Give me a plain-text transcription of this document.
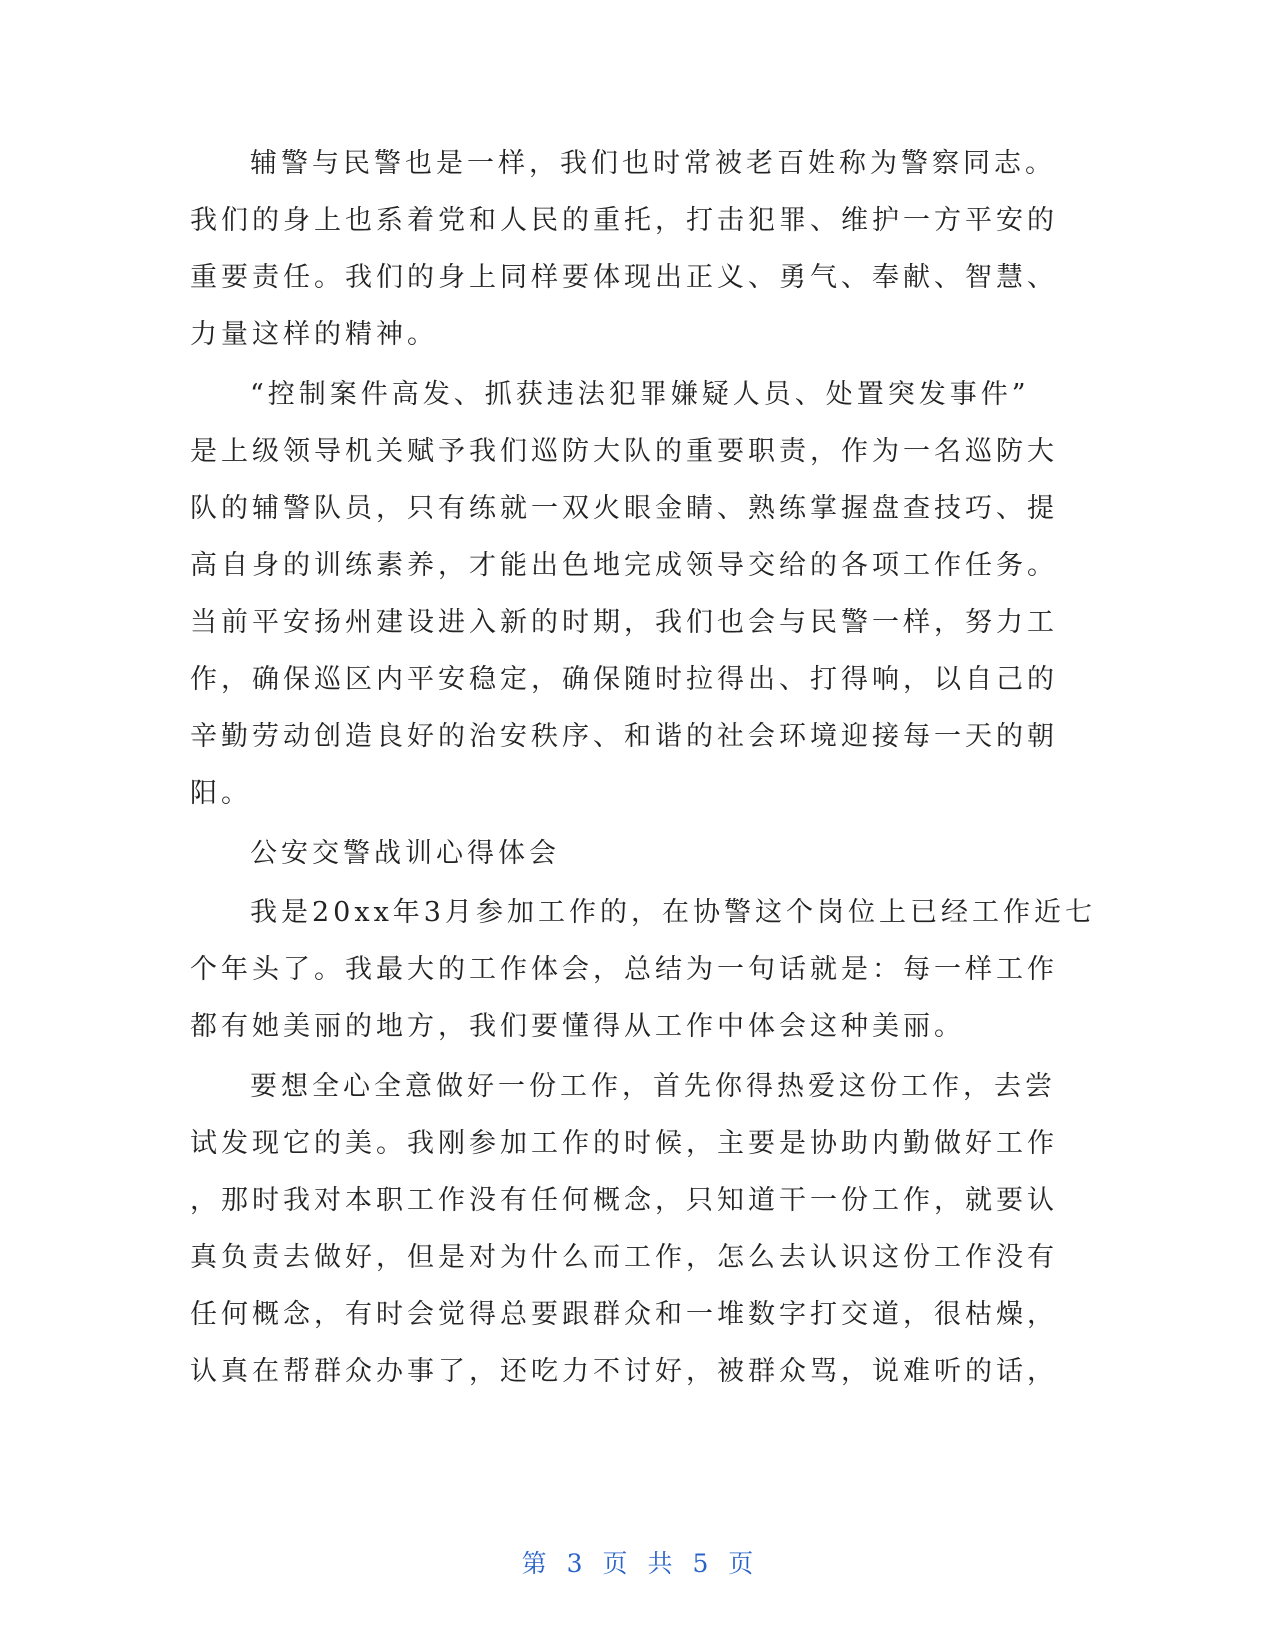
辅警与民警也是一样，我们也时常被老百姓称为警察同志。
我们的身上也系着党和人民的重托，打击犯罪、维护一方平安的
重要责任。我们的身上同样要体现出正义、勇气、奉献、智慧、
力量这样的精神。
“控制案件高发、抓获违法犯罪嫌疑人员、处置突发事件”
是上级领导机关赋予我们巡防大队的重要职责，作为一名巡防大
队的辅警队员，只有练就一双火眼金睛、熟练掌握盘查技巧、提
高自身的训练素养，才能出色地完成领导交给的各项工作任务。
当前平安扬州建设进入新的时期，我们也会与民警一样，努力工
作，确保巡区内平安稳定，确保随时拉得出、打得响，以自己的
辛勤劳动创造良好的治安秩序、和谐的社会环境迎接每一天的朝
阳。
公安交警战训心得体会
我是20xx年3月参加工作的，在协警这个岗位上已经工作近七
个年头了。我最大的工作体会，总结为一句话就是：每一样工作
都有她美丽的地方，我们要懂得从工作中体会这种美丽。
要想全心全意做好一份工作，首先你得热爱这份工作，去尝
试发现它的美。我刚参加工作的时候，主要是协助内勤做好工作
，那时我对本职工作没有任何概念，只知道干一份工作，就要认
真负责去做好，但是对为什么而工作，怎么去认识这份工作没有
任何概念，有时会觉得总要跟群众和一堆数字打交道，很枯燥，
认真在帮群众办事了，还吃力不讨好，被群众骂，说难听的话，
第 3 页 共 5 页
